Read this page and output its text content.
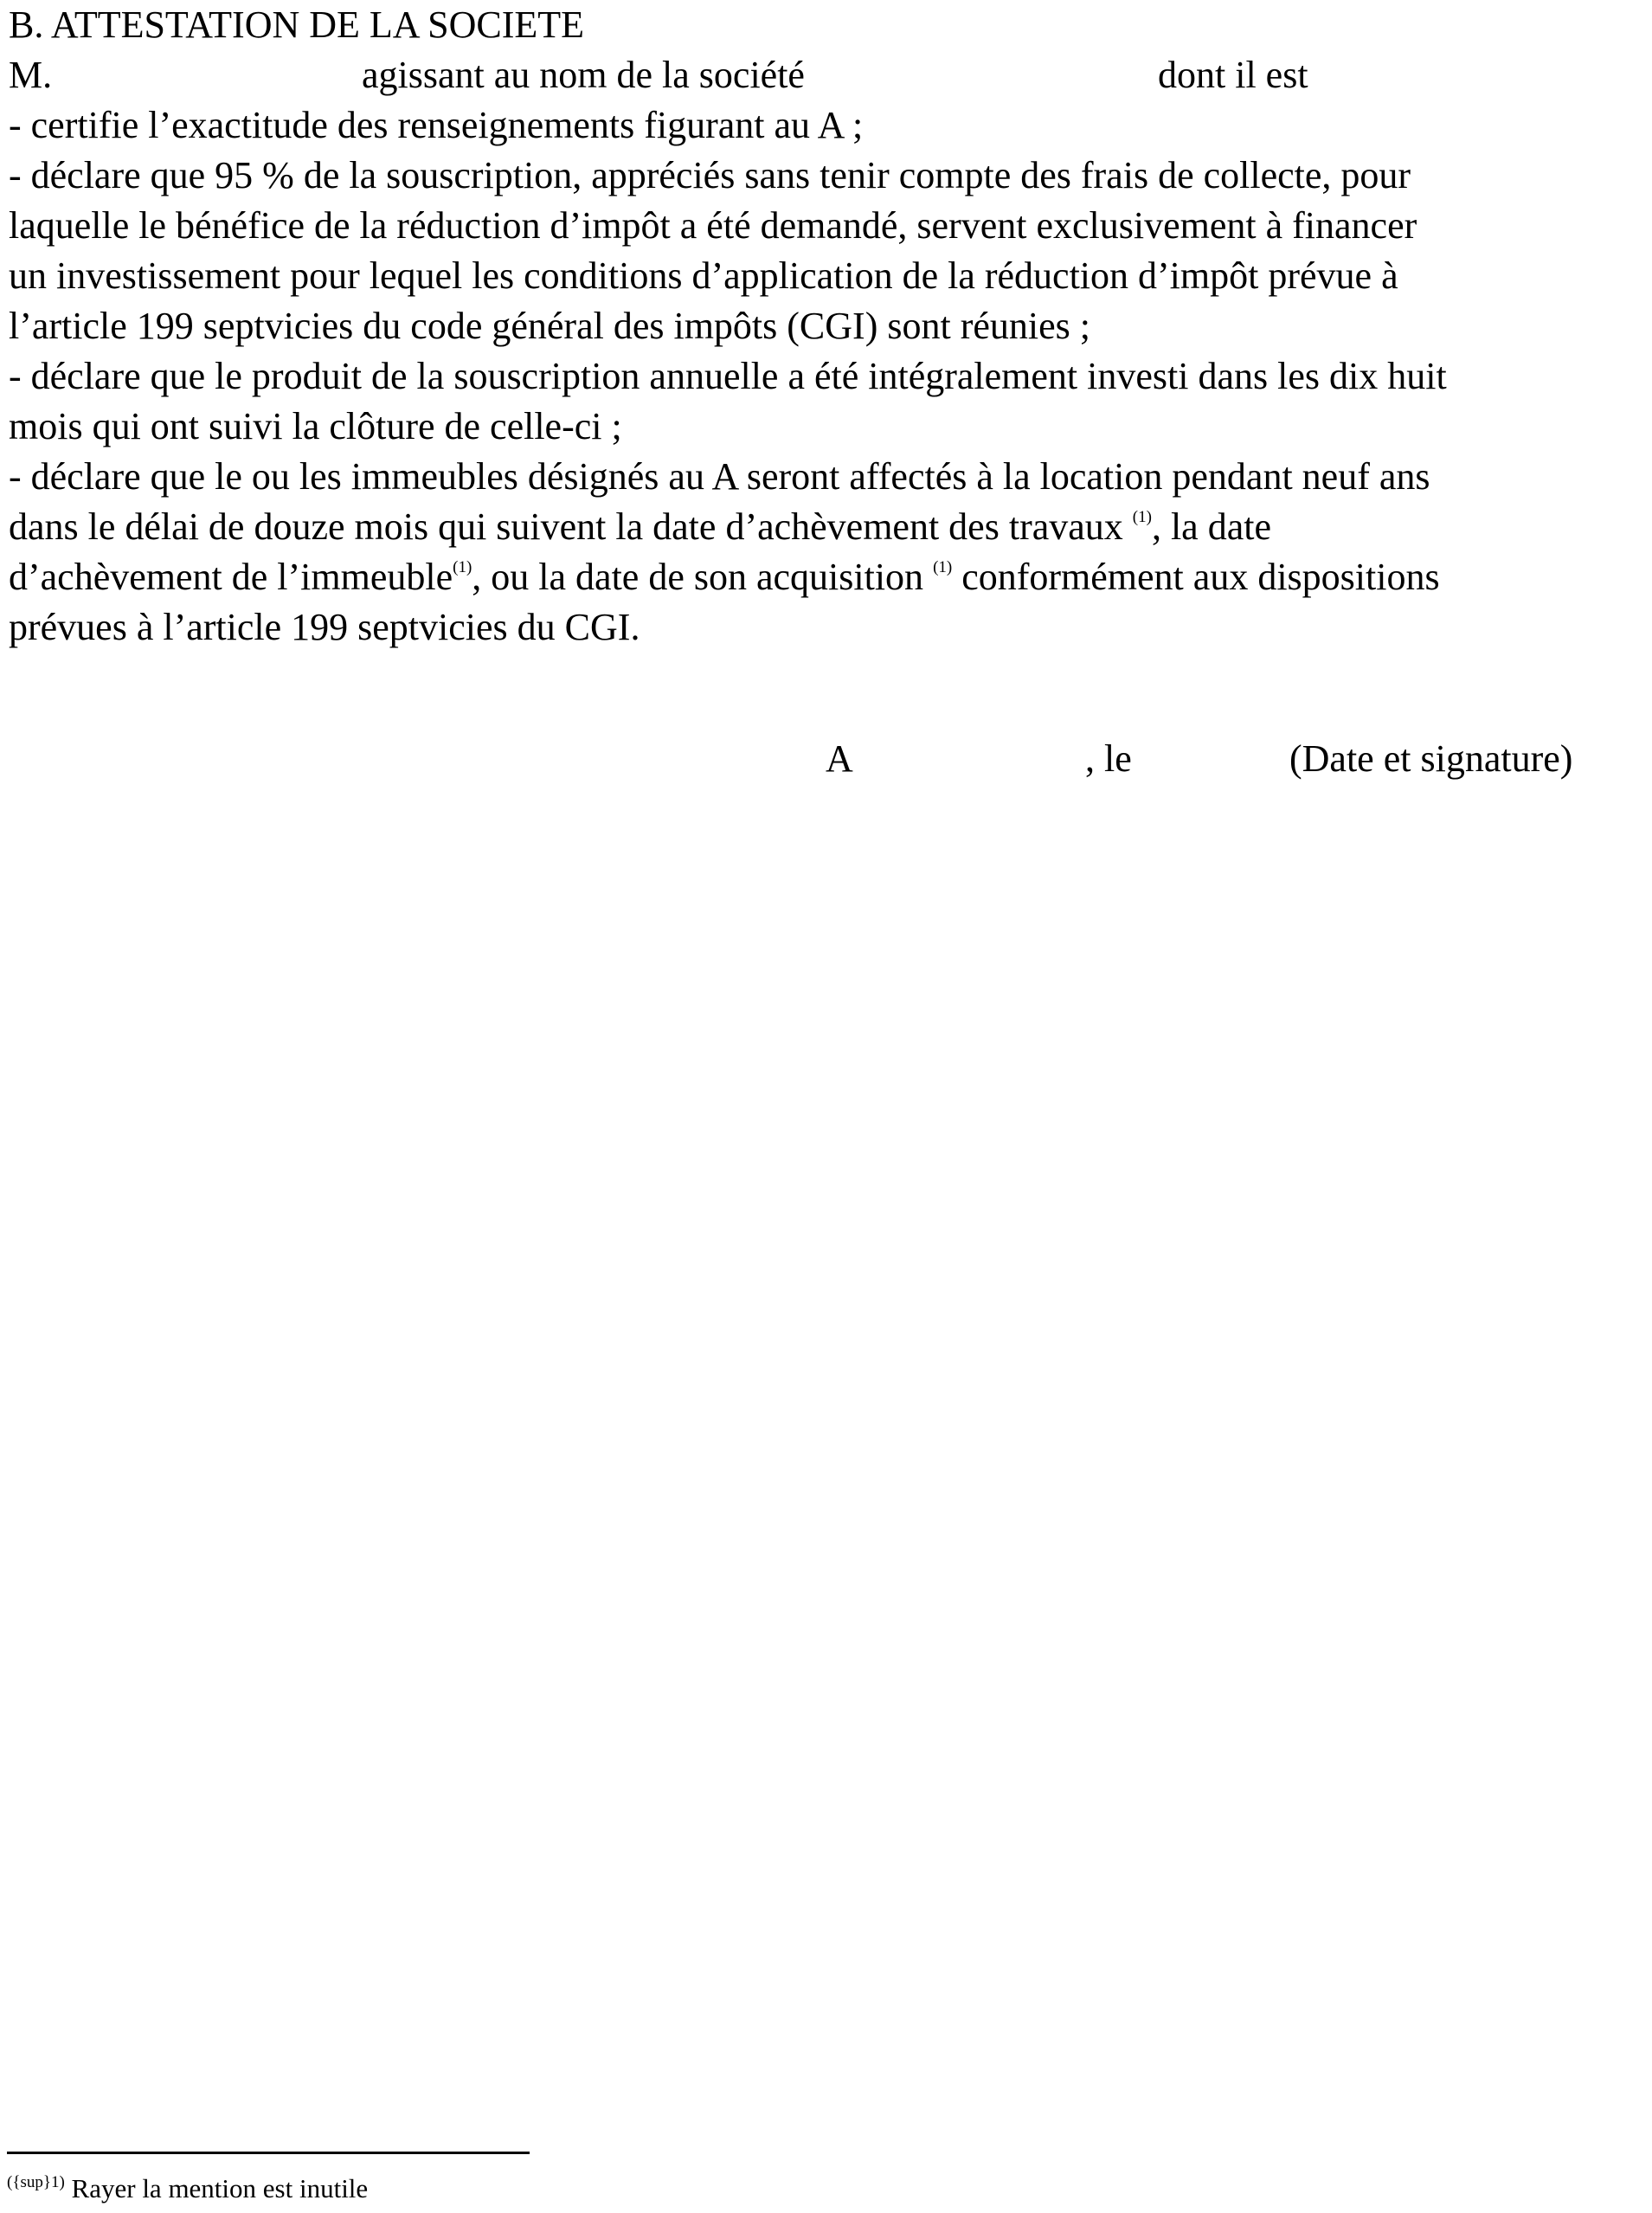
B. ATTESTATION DE LA SOCIETE
M.	agissant au nom de la société	dont il est
- certifie l’exactitude des renseignements figurant au A ;
- déclare que 95 % de la souscription, appréciés sans tenir compte des frais de collecte, pour
laquelle le bénéfice de la réduction d’impôt a été demandé, servent exclusivement à financer
un investissement pour lequel les conditions d’application de la réduction d’impôt prévue à
l’article 199 septvicies du code général des impôts (CGI) sont réunies ;
- déclare que le produit de la souscription annuelle a été intégralement investi dans les dix huit
mois qui ont suivi la clôture de celle-ci ;
- déclare que le ou les immeubles désignés au A seront affectés à la location pendant neuf ans
dans le délai de douze mois qui suivent la date d’achèvement des travaux $^{(1)}$, la date
d’achèvement de l’immeuble$^{(1)}$, ou la date de son acquisition $^{(1)}$ conformément aux dispositions
prévues à l’article 199 septvicies du CGI.
A	, le	(Date et signature)
$^{(\{sup\}1)}$ Rayer la mention est inutile
